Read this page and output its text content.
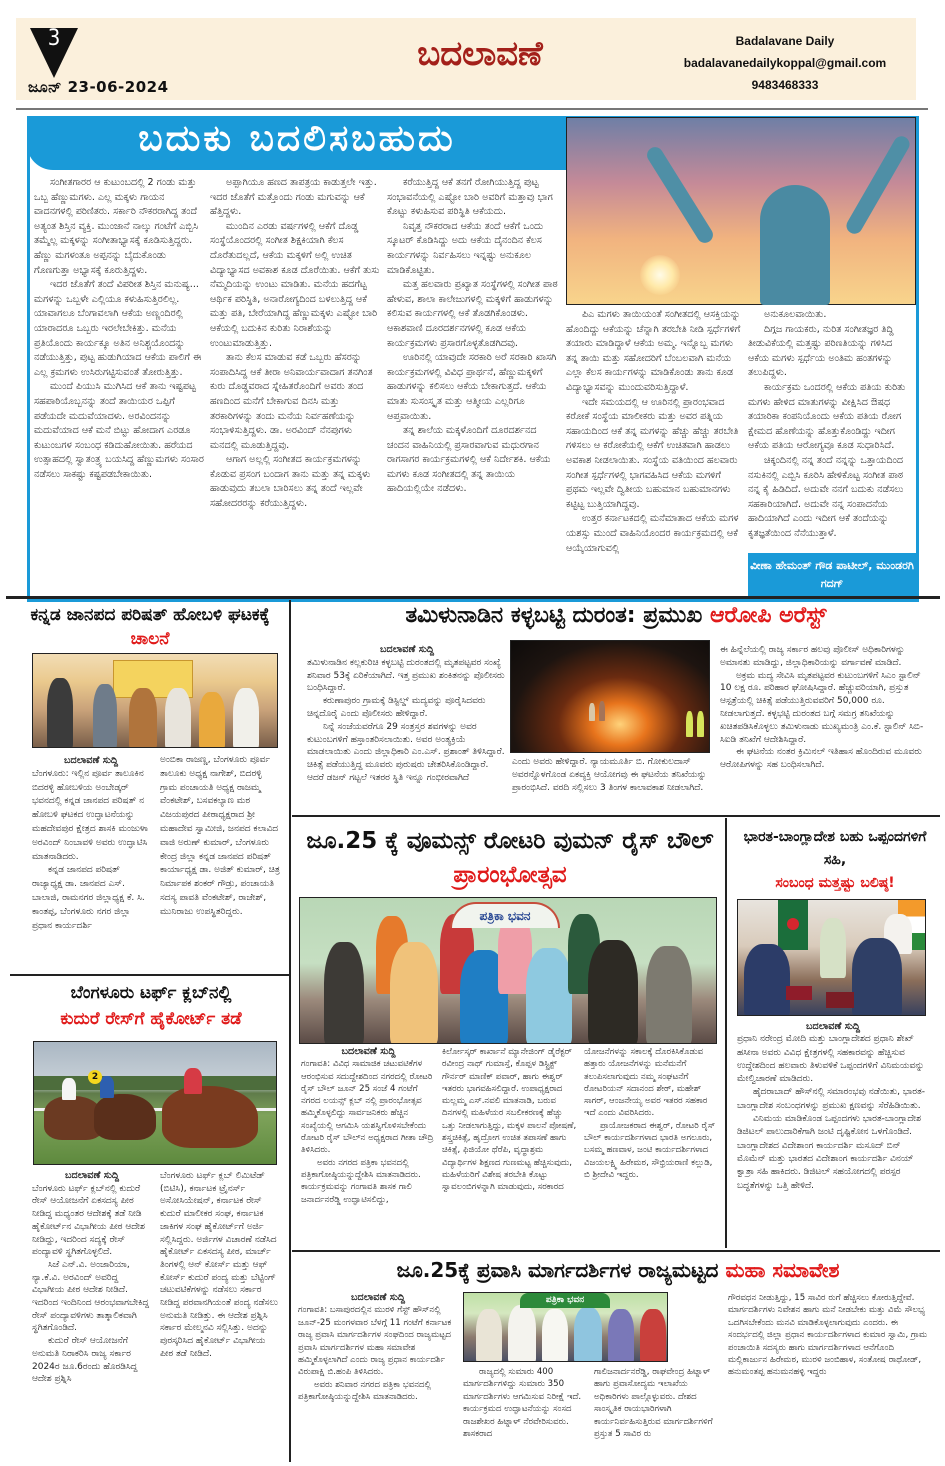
3
ಜೂನ್ 23-06-2024
ಬದಲಾವಣೆ	Badalavane Daily
badalavanedailykoppal@gmail.com
9483468333
ಬದುಕು ಬದಲಿಸಬಹುದು

ಸಂಗೀತಗಾರರ ಆ ಕುಟುಂಬದಲ್ಲಿ 2 ಗಂಡು ಮತ್ತು ಒಬ್ಬ ಹೆಣ್ಣುಮಗಳು. ಎಲ್ಲ ಮಕ್ಕಳು ಗಾಯನ ವಾದನಗಳಲ್ಲಿ ಪರಿಣಿತರು. ಸರ್ಕಾರಿ ನೌಕರರಾಗಿದ್ದ ತಂದೆ ಅತ್ಯಂತ ಶಿಸ್ತಿನ ವ್ಯಕ್ತಿ. ಮುಂಜಾನೆ ನಾಲ್ಕು ಗಂಟೆಗೆ ಎಬ್ಬಿಸಿ ತಮ್ಮೆಲ್ಲ ಮಕ್ಕಳನ್ನು ಸಂಗೀತಾಭ್ಯಾಸಕ್ಕೆ ಕೂಡಿಸುತ್ತಿದ್ದರು. ಹೆಣ್ಣು ಮಗಳಂತೂ ಅಪ್ಪನನ್ನು ಬೈದುಕೊಂಡು ಗೊಣಗುತ್ತಾ ಅಭ್ಯಾಸಕ್ಕೆ ಕೂರುತ್ತಿದ್ದಳು.

ಇದರ ಜೊತೆಗೆ ತಂದೆ ವಿಪರೀತ ಶಿಸ್ತಿನ ಮನುಷ್ಯ... ಮಗಳನ್ನು ಒಬ್ಬಳೇ ಎಲ್ಲಿಯೂ ಕಳುಹಿಸುತ್ತಿರಲಿಲ್ಲ. ಯಾವಾಗಲೂ ಬೆಂಗಾವಲಾಗಿ ಆಕೆಯ ಅಣ್ಣಂದಿರಲ್ಲಿ ಯಾರಾದರೂ ಒಬ್ಬರು ಇರಲೇಬೇಕಿತ್ತು. ಮನೆಯ ಪ್ರತಿಯೊಂದು ಕಾರ್ಯಕ್ಕೂ ಅತಿನ ಅನಿಶ್ಚಯೊಂದನ್ನು ನಡೆಯುತ್ತಿತ್ತು, ಪುಟ್ಟ ಹುಡುಗಿಯಾದ ಆಕೆಯ ಪಾಲಿಗೆ ಈ ಎಲ್ಲ ಕ್ರಮಗಳು ಉಸಿರುಗಟ್ಟಿಸುವಂತೆ ತೋರುತ್ತಿತ್ತು.

ಮುಂದೆ ಪಿಯುಸಿ ಮುಗಿಸಿದ ಆಕೆ ತಾನು ಇಷ್ಟಪಟ್ಟ ಸಹಪಾಠಿಯೊಬ್ಬನನ್ನು ತಂದೆ ತಾಯಿಯರ ಒಪ್ಪಿಗೆ ಪಡೆಯದೇ ಮದುವೆಯಾದಳು. ಅರವಿಂದನನ್ನು ಮದುವೆಯಾದ ಆಕೆ ಮನೆ ಬಿಟ್ಟು ಹೋದಾಗ ಎರಡೂ ಕುಟುಂಬಗಳ ಸಂಬಂಧ ಕಡಿದುಹೋಯಿತು. ಹರೆಯದ ಉತ್ಸಾಹದಲ್ಲಿ ಸ್ವಾತಂತ್ರ್ಯ ಬಯಸಿದ್ದ ಹೆಣ್ಣುಮಗಳು ಸಂಸಾರ ನಡೆಸಲು ಸಾಕಷ್ಟು ಕಷ್ಟಪಡಬೇಕಾಯಿತು.

ಅಪ್ಪಾಗಿಯೂ ಹಣದ ತಾಪತ್ರಯ ಕಾಡುತ್ತಲೇ ಇತ್ತು. ಇದರ ಜೊತೆಗೆ ಮತ್ತೊಂದು ಗಂಡು ಮಗುವನ್ನು ಆಕೆ ಹೆತ್ತಿದ್ದಳು.

ಮುಂದಿನ ಎರಡು ವರ್ಷಗಳಲ್ಲಿ ಆಕೆಗೆ ದೊಡ್ಡ ಸಂಸ್ಥೆಯೊಂದರಲ್ಲಿ ಸಂಗೀತ ಶಿಕ್ಷಕಿಯಾಗಿ ಕೆಲಸ ದೊರೆತುದಲ್ಲದೆ, ಆಕೆಯ ಮಕ್ಕಳಿಗೆ ಅಲ್ಲಿ ಉಚಿತ ವಿದ್ಯಾಭ್ಯಾಸದ ಅವಕಾಶ ಕೂಡ ದೊರೆಯಿತು. ಆಕೆಗೆ ತುಸು ನೆಮ್ಮದಿಯನ್ನು ಉಂಟು ಮಾಡಿತು. ಮನೆಯ ಹದಗೆಟ್ಟ ಆರ್ಥಿಕ ಪರಿಸ್ಥಿತಿ, ಅನಾರೋಗ್ಯದಿಂದ ಬಳಲುತ್ತಿದ್ದ ಆಕೆ ಮತ್ತು ಪತಿ, ಬೇರೆಯಾಗಿದ್ದ ಹೆಣ್ಣುಮಕ್ಕಳು ಎಷ್ಟೋ ಬಾರಿ ಆಕೆಯಲ್ಲಿ ಬದುಕಿನ ಕುರಿತು ನಿರಾಶೆಯನ್ನು ಉಂಟುಮಾಡುತ್ತಿತ್ತು.

ತಾನು ಕೆಲಸ ಮಾಡುವ ಕಡೆ ಒಬ್ಬರು ಹೆಸರನ್ನು ಸಂಪಾದಿಸಿದ್ದ ಆಕೆ ತೀರಾ ಅನಿವಾರ್ಯವಾದಾಗ ತನಗಿಂತ ಕುರು ದೊಡ್ಡವರಾದ ಸ್ನೇಹಿತರೊಂದಿಗೆ ಅವರು ತಂದ ಹಣದಿಂದ ಮನೆಗೆ ಬೇಕಾಗುವ ದಿನಸಿ ಮತ್ತು ತರಕಾರಿಗಳನ್ನು ತಂದು ಮನೆಯ ನಿರ್ವಹಣೆಯನ್ನು ಸಂಭಾಳಿಸುತ್ತಿದ್ದಳು. ಡಾ. ಅರವಿಂದ್ ನೆನಪುಗಳು ಮನದಲ್ಲಿ ಮೂಡುತ್ತಿದ್ದವು.

ಆಗಾಗ ಅಲ್ಲಲ್ಲಿ ಸಂಗೀತದ ಕಾರ್ಯಕ್ರಮಗಳನ್ನು ಕೊಡುವ ಪ್ರಸಂಗ ಬಂದಾಗ ತಾನು ಮತ್ತು ತನ್ನ ಮಕ್ಕಳು ಹಾಡುವುದು ತಬಲಾ ಬಾರಿಸಲು ತನ್ನ ತಂದೆ ಇಲ್ಲವೇ ಸಹೋದರರನ್ನು ಕರೆಯುತ್ತಿದ್ದಳು.

ಕರೆಯುತ್ತಿದ್ದ ಆಕೆ ತನಗೆ ರೋಗಿಯುತ್ತಿದ್ದ ಪುಟ್ಟ ಸಂಭಾವನೆಯಲ್ಲಿ ಎಷ್ಟೋ ಬಾರಿ ಅವರಿಗೆ ಮತ್ತಾವು ಭಾಗ ಕೊಟ್ಟು ಕಳುಹಿಸುವ ಪರಿಸ್ಥಿತಿ ಆಕೆಯದು.

ನಿವೃತ್ತ ನೌಕರರಾದ ಆಕೆಯ ತಂದೆ ಆಕೆಗೆ ಒಂದು ಸ್ಕೂಟರ್ ಕೊಡಿಸಿದ್ದು ಅದು ಆಕೆಯ ದೈನಂದಿನ ಕೆಲಸ ಕಾರ್ಯಗಳನ್ನು ನಿರ್ವಹಿಸಲು ಇನ್ನಷ್ಟು ಅನುಕೂಲ ಮಾಡಿಕೊಟ್ಟಿತು.

ಮತ್ತ ಹಲವಾರು ಪ್ರಖ್ಯಾತ ಸಂಸ್ಥೆಗಳಲ್ಲಿ ಸಂಗೀತ ಪಾಠ ಹೇಳುವ, ಶಾಲಾ ಕಾಲೇಜುಗಳಲ್ಲಿ ಮಕ್ಕಳಿಗೆ ಹಾಡುಗಳನ್ನು ಕಲಿಸುವ ಕಾರ್ಯಗಳಲ್ಲಿ ಆಕೆ ತೊಡಗಿಕೊಂಡಳು. ಆಕಾಶವಾಣಿ ದೂರದರ್ಶನಗಳಲ್ಲಿ ಕೂಡ ಆಕೆಯ ಕಾರ್ಯಕ್ರಮಗಳು ಪ್ರಸಾರಗೊಳ್ಳತೊಡಗಿದವು.

ಊರಿನಲ್ಲಿ ಯಾವುದೇ ಸರಕಾರಿ ಅರೆ ಸರಕಾರಿ ಖಾಸಗಿ ಕಾರ್ಯಕ್ರಮಗಳಲ್ಲಿ ವಿವಿಧ ಪ್ರಾರ್ಥನೆ, ಹೆಣ್ಣುಮಕ್ಕಳಿಗೆ ಹಾಡುಗಳನ್ನು ಕಲಿಸಲು ಆಕೆಯ ಬೇಕಾಗುತ್ತದೆ. ಆಕೆಯ ಮಾತು ಸುಸಂಸ್ಕೃತ ಮತ್ತು ಆತ್ಮೀಯ ಎಲ್ಲರಿಗೂ ಆಪ್ತವಾಯಿತು.

ತನ್ನ ಶಾಲೆಯ ಮಕ್ಕಳೊಂದಿಗೆ ದೂರದರ್ಶನದ ಚಂದನ ವಾಹಿನಿಯಲ್ಲಿ ಪ್ರಸಾರವಾಗುವ ಮಧುರಗಾನ ರಾಗಸಾಗರ ಕಾರ್ಯಕ್ರಮಗಳಲ್ಲಿ ಆಕೆ ನಿರ್ದೇಶಕಿ. ಆಕೆಯ ಮಗಳು ಕೂಡ ಸಂಗೀತದಲ್ಲಿ ತನ್ನ ತಾಯಿಯ ಹಾದಿಯಲ್ಲಿಯೇ ನಡೆದಳು.

ಪಿಎ ಮಗಳು ತಾಯಿಯಂತೆ ಸಂಗೀತದಲ್ಲಿ ಆಸಕ್ತಿಯನ್ನು ಹೊಂದಿದ್ದು ಆಕೆಯನ್ನು ಚೆನ್ನಾಗಿ ತರಬೇತಿ ನೀಡಿ ಸ್ಪರ್ಧೆಗಳಿಗೆ ತಯಾರು ಮಾಡಿದ್ದಾಳೆ ಆಕೆಯ ಅಮ್ಮ. ಇನ್ನೊಬ್ಬ ಮಗಳು ತನ್ನ ತಾಯಿ ಮತ್ತು ಸಹೋದರಿಗೆ ಬೆಂಬಲವಾಗಿ ಮನೆಯ ಎಲ್ಲಾ ಕೆಲಸ ಕಾರ್ಯಗಳನ್ನು ಮಾಡಿಕೊಂಡು ತಾನು ಕೂಡ ವಿದ್ಯಾಭ್ಯಾಸವನ್ನು ಮುಂದುವರಿಸುತ್ತಿದ್ದಾಳೆ.

ಇದೇ ಸಮಯದಲ್ಲಿ ಆ ಊರಿನಲ್ಲಿ ಪ್ರಾರಂಭವಾದ ಕರೋಕೆ ಸಂಸ್ಥೆಯ ಮಾಲೀಕರು ಮತ್ತು ಅವರ ಪತ್ನಿಯ ಸಹಾಯದಿಂದ ಆಕೆ ತನ್ನ ಮಗಳನ್ನು ಹೆಚ್ಚು ಹೆಚ್ಚು ತರಬೇತಿ ಗಳಿಸಲು ಆ ಕರೋಕೆಯಲ್ಲಿ ಆಕೆಗೆ ಉಚಿತವಾಗಿ ಹಾಡಲು ಅವಕಾಶ ನೀಡಲಾಯಿತು. ಸಂಸ್ಥೆಯ ವತಿಯಿಂದ ಹಲವಾರು ಸಂಗೀತ ಸ್ಪರ್ಧೆಗಳಲ್ಲಿ ಭಾಗವಹಿಸಿದ ಆಕೆಯ ಮಗಳಿಗೆ ಪ್ರಥಮ ಇಲ್ಲವೇ ದ್ವಿತೀಯ ಬಹುಮಾನ ಬಹುಮಾನಗಳು ಕಟ್ಟಿಟ್ಟ ಬುತ್ತಿಯಾಗಿದ್ದವು.

ಉತ್ತರ ಕರ್ನಾಟಕದಲ್ಲಿ ಮನೆಮಾತಾದ ಆಕೆಯ ಮಗಳ ಯಶಸ್ಸು ಮುಂದೆ ವಾಹಿನಿಯೊಂದರ ಕಾರ್ಯಕ್ರಮದಲ್ಲಿ ಆಕೆ ಆಯ್ಕೆಯಾಗುವಲ್ಲಿ

ಅನುಕೂಲವಾಯಿತು.

ದಿಗ್ಗಜ ಗಾಯಕರು, ನುರಿತ ಸಂಗೀತಜ್ಞರ ತಿದ್ದಿ ತೀಡುವಿಕೆಯಲ್ಲಿ ಮತ್ತಷ್ಟು ಪರಿಣತಿಯನ್ನು ಗಳಿಸಿದ ಆಕೆಯ ಮಗಳು ಸ್ಪರ್ಧೆಯ ಅಂತಿಮ ಹಂತಗಳನ್ನು ತಲುಪಿದ್ದಳು.

ಕಾರ್ಯಕ್ರಮ ಒಂದರಲ್ಲಿ ಆಕೆಯ ಪತಿಯ ಕುರಿತು ಮಗಳು ಹೇಳಿದ ಮಾತುಗಳನ್ನು ವೀಕ್ಷಿಸಿದ ಔಷಧ ತಯಾರಿಕಾ ಕಂಪನಿಯೊಂದು ಆಕೆಯ ಪತಿಯ ರೋಗ ಕ್ಷೇಮದ ಹೊಣೆಯನ್ನು ಹೊತ್ತುಕೊಂಡಿದ್ದು ಇದೀಗ ಆಕೆಯ ಪತಿಯ ಆರೋಗ್ಯವೂ ಕೂಡ ಸುಧಾರಿಸಿದೆ.

ಚಿಕ್ಕಂದಿನಲ್ಲಿ ನನ್ನ ತಂದೆ ನನ್ನನ್ನು ಒತ್ತಾಯದಿಂದ ನಸುಕಿನಲ್ಲಿ ಎಬ್ಬಿಸಿ ಕೂರಿಸಿ ಹೇಳಿಕೊಟ್ಟ ಸಂಗೀತ ಪಾಠ ನನ್ನ ಕೈ ಹಿಡಿದಿದೆ. ಅದುವೇ ನನಗೆ ಬದುಕು ನಡೆಸಲು ಸಹಕಾರಿಯಾಗಿದೆ. ಅದುವೇ ನನ್ನ ಸಂಪಾದನೆಯ ಹಾದಿಯಾಗಿದೆ ಎಂದು ಇದೀಗ ಆಕೆ ತಂದೆಯನ್ನು ಕೃತಜ್ಞತೆಯಿಂದ ನೆನೆಯುತ್ತಾಳೆ.

ವೀಣಾ ಹೇಮಂತ್ ಗೌಡ ಪಾಟೀಲ್, ಮುಂಡರಗಿ ಗದಗ್
ಕನ್ನಡ ಜಾನಪದ ಪರಿಷತ್ ಹೋಬಳಿ ಘಟಕಕ್ಕೆ ಚಾಲನೆ
ಬದಲಾವಣೆ ಸುದ್ದಿ

ಬೆಂಗಳೂರು: ಇಲ್ಲಿನ ಪೂರ್ವ ತಾಲೂಕಿನ ಬಿದರಳ್ಳಿ ಹೋಬಳಿಯ ಅಂಬೇಡ್ಕರ್ ಭವನದಲ್ಲಿ ಕನ್ನಡ ಜಾನಪದ ಪರಿಷತ್ ನ ಹೋಬಳಿ ಘಟಕದ ಉದ್ಘಾಟನೆಯನ್ನು ಮಹದೇವಪುರ ಕ್ಷೇತ್ರದ ಶಾಸಕಿ ಮಂಜುಳಾ ಅರವಿಂದ್ ನಿಂಬಾವಳಿ ಅವರು ಉದ್ಘಾಟಿಸಿ ಮಾತನಾಡಿದರು.

ಕನ್ನಡ ಜಾನಪದ ಪರಿಷತ್ ರಾಜ್ಯಾಧ್ಯಕ್ಷ ಡಾ. ಜಾನಪದ ಎಸ್. ಬಾಲಾಜಿ, ರಾಮನಗರ ಜಿಲ್ಲಾಧ್ಯಕ್ಷ ಕೆ. ಸಿ. ಕಾಂತಪ್ಪ, ಬೆಂಗಳೂರು ನಗರ ಜಿಲ್ಲಾ ಪ್ರಧಾನ ಕಾರ್ಯದರ್ಶಿ

ಅಂಬಿಕಾ ರಾಜಣ್ಣ, ಬೆಂಗಳೂರು ಪೂರ್ವ ತಾಲೂಕು ಅಧ್ಯಕ್ಷ ನಾಗೇಶ್, ಬಿದರಳ್ಳಿ ಗ್ರಾಮ ಪಂಚಾಯತಿ ಅಧ್ಯಕ್ಷ ರಾಜಮ್ಮ ವೆಂಕಟೇಶ್, ಬಸವಕಲ್ಯಾಣ ಮಠ ವಿಜಯಪುರದ ಪೀಠಾಧ್ಯಕ್ಷರಾದ ಶ್ರೀ ಮಹಾದೇವ ಸ್ವಾಮೀಜಿ, ಜನಪದ ಕಲಾವಿದ ವಾಜಿ ಅರುಣ್ ಕುಮಾರ್, ಬೆಂಗಳೂರು ಕೇಂದ್ರ ಜಿಲ್ಲಾ ಕನ್ನಡ ಜಾನಪದ ಪರಿಷತ್ ಕಾರ್ಯಾಧ್ಯಕ್ಷ ಡಾ. ಅಜಿತ್ ಕುಮಾರ್, ಚಿತ್ರ ನಿರ್ಮಾಪಕ ಶಂಕರ್ ಗೌಡ್ರು, ಪಂಚಾಯತಿ ಸದಸ್ಯ ಪಾವತಿ ವೆಂಕಟೇಶ್, ರಾಜೇಶ್, ಮುನಿರಾಜು ಉಪಸ್ಥಿತರಿದ್ದರು.

ಬೆಂಗಳೂರು ಟರ್ಫ್ ಕ್ಲಬ್‌ನಲ್ಲಿ
ಕುದುರೆ ರೇಸ್‌ಗೆ ಹೈಕೋರ್ಟ್ ತಡೆ
2
ಬದಲಾವಣೆ ಸುದ್ದಿ

ಬೆಂಗಳೂರು ಟರ್ಫ್ ಕ್ಲಬ್‌ನಲ್ಲಿ ಕುದುರೆ ರೇಸ್ ಆಯೋಜನೆಗೆ ಏಕಸದಸ್ಯ ಪೀಠ ನೀಡಿದ್ದ ಮಧ್ಯಂತರ ಆದೇಶಕ್ಕೆ ತಡೆ ನೀಡಿ ಹೈಕೋರ್ಟ್‌ನ ವಿಭಾಗೀಯ ಪೀಠ ಆದೇಶ ನೀಡಿದ್ದು, ಇದರಿಂದ ಸದ್ಯಕ್ಕೆ ರೇಸ್ ಪಂದ್ಯಾವಳಿ ಸ್ಥಗಿತಗೊಳ್ಳಲಿದೆ.

ಸಿಜೆ ಎನ್.ವಿ. ಅಂಜಾರಿಯಾ, ನ್ಯಾ.ಕೆ.ವಿ. ಅರವಿಂದ್ ಅವರಿದ್ದ ವಿಭಾಗೀಯ ಪೀಠ ಆದೇಶ ನೀಡಿದೆ. ಇದರಿಂದ ಇಂದಿನಿಂದ ಆರಂಭವಾಗಬೇಕಿದ್ದ ರೇಸ್ ಪಂದ್ಯಾವಳಿಗಳು ತಾತ್ಕಾಲಿಕವಾಗಿ ಸ್ಥಗಿತಗೊಂಡಿದೆ.

ಕುದುರೆ ರೇಸ್ ಆಯೋಜನೆಗೆ ಅನುಮತಿ ನಿರಾಕರಿಸಿ ರಾಜ್ಯ ಸರ್ಕಾರ 2024ರ ಜೂ.6ರಂದು ಹೊರಡಿಸಿದ್ದ ಆದೇಶ ಪ್ರಶ್ನಿಸಿ

ಬೆಂಗಳೂರು ಟರ್ಫ್ ಕ್ಲಬ್ ಲಿಮಿಟೆಡ್ (ಬಿಟಿಸಿ), ಕರ್ನಾಟಕ ಟ್ರೈನರ್ಸ್ ಅಸೋಸಿಯೇಷನ್, ಕರ್ನಾಟಕ ರೇಸ್ ಕುದುರೆ ಮಾಲೀಕರ ಸಂಘ, ಕರ್ನಾಟಕ ಜಾಕಿಗಳ ಸಂಘ ಹೈಕೋರ್ಟ್‌ಗೆ ಅರ್ಜಿ ಸಲ್ಲಿಸಿದ್ದರು. ಅರ್ಜಿಗಳ ವಿಚಾರಣೆ ನಡೆಸಿದ ಹೈಕೋರ್ಟ್ ಏಕಸದಸ್ಯ ಪೀಠ, ಮಾರ್ಚ್ ತಿಂಗಳಲ್ಲಿ ಆನ್ ಕೋರ್ಸ್ ಮತ್ತು ಆಫ್ ಕೋರ್ಸ್ ಕುದುರೆ ಪಂದ್ಯ ಮತ್ತು ಬೆಟ್ಟಿಂಗ್ ಚಟುವಟಿಕೆಗಳನ್ನು ನಡೆಸಲು ಸರ್ಕಾರ ನೀಡಿದ್ದ ಪರವಾನಗಿಯಂತೆ ಪಂದ್ಯ ನಡೆಸಲು ಅನುಮತಿ ನೀಡಿತ್ತು. ಈ ಆದೇಶ ಪ್ರಶ್ನಿಸಿ ಸರ್ಕಾರ ಮೇಲ್ಮನವಿ ಸಲ್ಲಿಸಿತ್ತು. ಅದನ್ನು ಪುರಸ್ಕರಿಸಿದ ಹೈಕೋರ್ಟ್ ವಿಭಾಗೀಯ ಪೀಠ ತಡೆ ನೀಡಿದೆ.

ತಮಿಳುನಾಡಿನ ಕಳ್ಳಬಟ್ಟಿ ದುರಂತ: ಪ್ರಮುಖ ಆರೋಪಿ ಅರೆಸ್ಟ್
ಬದಲಾವಣೆ ಸುದ್ದಿ

ತಮಿಳುನಾಡಿನ ಕಲ್ಲಕುರಿಚಿ ಕಳ್ಳಬಟ್ಟಿ ದುರಂತದಲ್ಲಿ ಮೃತಪಟ್ಟವರ ಸಂಖ್ಯೆ ಶನಿವಾರ 53ಕ್ಕೆ ಏರಿಕೆಯಾಗಿದೆ. ಇತ್ತ ಪ್ರಮುಖ ಶಂಕಿತನನ್ನು ಪೊಲೀಸರು ಬಂಧಿಸಿದ್ದಾರೆ.

ಕರುಣಾಪುರಂ ಗ್ರಾಮಕ್ಕೆ ಡಿಸ್ಟಿಲ್ಡ್ ಮದ್ಯವನ್ನು ಪೂರೈಸಿದವರು ಚಿನ್ನದೊರೈ ಎಂದು ಪೊಲೀಸರು ಹೇಳಿದ್ದಾರೆ.

ನಿನ್ನೆ ಸಂಜೆಯವರೆಗೂ 29 ಸಂತ್ರಸ್ತರ ಶವಗಳನ್ನು ಅವರ ಕುಟುಂಬಗಳಿಗೆ ಹಸ್ತಾಂತರಿಸಲಾಯಿತು. ಅವರ ಅಂತ್ಯಕ್ರಿಯೆ ಮಾಡಲಾಯಿತು ಎಂದು ಜಿಲ್ಲಾಧಿಕಾರಿ ಎಂ.ಎಸ್. ಪ್ರಶಾಂತ್ ತಿಳಿಸಿದ್ದಾರೆ. ಚಿಕಿತ್ಸೆ ಪಡೆಯುತ್ತಿದ್ದ ಮೂವರು ಪುರುಷರು ಚೇತರಿಸಿಕೊಂಡಿದ್ದಾರೆ. ಆದರೆ ಡಜನ್ ಗಟ್ಟಲೆ ಇತರರ ಸ್ಥಿತಿ ಇನ್ನೂ ಗಂಭೀರವಾಗಿದೆ

ಎಂದು ಅವರು ಹೇಳಿದ್ದಾರೆ. ನ್ಯಾಯಮೂರ್ತಿ ಬಿ. ಗೋಕುಲದಾಸ್ ಅವರನ್ನೊಳಗೊಂಡ ಏಕವ್ಯಕ್ತಿ ಆಯೋಗವು ಈ ಘಟನೆಯ ತನಿಖೆಯನ್ನು ಪ್ರಾರಂಭಿಸಿದೆ. ವರದಿ ಸಲ್ಲಿಸಲು 3 ತಿಂಗಳ ಕಾಲಾವಕಾಶ ನೀಡಲಾಗಿದೆ.

ಈ ಹಿನ್ನೆಲೆಯಲ್ಲಿ ರಾಜ್ಯ ಸರ್ಕಾರ ಹಲವು ಪೊಲೀಸ್ ಅಧಿಕಾರಿಗಳನ್ನು ಅಮಾನತು ಮಾಡಿದ್ದು, ಜಿಲ್ಲಾಧಿಕಾರಿಯನ್ನು ವರ್ಗಾವಣೆ ಮಾಡಿದೆ.

ಅಕ್ರಮ ಮದ್ಯ ಸೇವಿಸಿ ಮೃತಪಟ್ಟವರ ಕುಟುಂಬಗಳಿಗೆ ಸಿಎಂ ಸ್ಟಾಲಿನ್ 10 ಲಕ್ಷ ರೂ. ಪರಿಹಾರ ಘೋಷಿಸಿದ್ದಾರೆ. ಹೆಚ್ಚುವರಿಯಾಗಿ, ಪ್ರಸ್ತುತ ಆಸ್ಪತ್ರೆಯಲ್ಲಿ ಚಿಕಿತ್ಸೆ ಪಡೆಯುತ್ತಿರುವವರಿಗೆ 50,000 ರೂ. ನೀಡಲಾಗುತ್ತದೆ. ಕಳ್ಳಭಟ್ಟಿ ದುರಂತದ ಬಗ್ಗೆ ಸಮಗ್ರ ತನಿಖೆಯನ್ನು ಖಚಿತಪಡಿಸಿಕೊಳ್ಳಲು ತಮಿಳುನಾಡು ಮುಖ್ಯಮಂತ್ರಿ ಎಂ.ಕೆ. ಸ್ಟಾಲಿನ್ ಸಿಬಿ-ಸಿಐಡಿ ತನಿಖೆಗೆ ಆದೇಶಿಸಿದ್ದಾರೆ.

ಈ ಘಟನೆಯ ನಂತರ ಕ್ರಿಮಿನಲ್ ಇತಿಹಾಸ ಹೊಂದಿರುವ ಮೂವರು ಆರೋಪಿಗಳನ್ನು ಸಹ ಬಂಧಿಸಲಾಗಿದೆ.

ಜೂ.25 ಕ್ಕೆ ವೂಮನ್ಸ್ ರೋಟರಿ ವುಮನ್ ರೈಸ್ ಬೌಲ್ ಪ್ರಾರಂಭೋತ್ಸವ
ಪತ್ರಿಕಾ ಭವನ
ಬದಲಾವಣೆ ಸುದ್ದಿ

ಗಂಗಾವತಿ: ವಿವಿಧ ಸಾಮಾಜಿಕ ಚಟುವಟಿಕೆಗಳ ಆರಂಭಿಸುವ ಸದುದ್ದೇಶದಿಂದ ನಗರದಲ್ಲಿ ರೋಟರಿ ರೈಸ್ ಬೌಲ್ ಜೂನ್ 25 ಸಂಜೆ 4 ಗಂಟೆಗೆ ನಗರದ ಲಯನ್ಸ್ ಕ್ಲಬ್ ನಲ್ಲಿ ಪ್ರಾರಂಭೋತ್ಸವ ಹಮ್ಮಿಕೊಳ್ಳಲಿದ್ದು ಸಾರ್ವಜನಿಕರು ಹೆಚ್ಚಿನ ಸಂಖ್ಯೆಯಲ್ಲಿ ಆಗಮಿಸಿ ಯಶಸ್ವಿಗೊಳಿಸಬೇಕೆಂದು ರೋಟರಿ ರೈಸ್ ಬೌಲ್‌ನ ಅಧ್ಯಕ್ಷರಾದ ಗೀತಾ ಚೌದ್ರಿ ತಿಳಿಸಿದರು.

ಅವರು ನಗರದ ಪತ್ರಿಕಾ ಭವನದಲ್ಲಿ ಪತ್ರಿಕಾಗೋಷ್ಠಿಯನ್ನುದ್ದೇಶಿಸಿ ಮಾತನಾಡಿದರು. ಕಾರ್ಯಕ್ರಮವನ್ನು ಗಂಗಾವತಿ ಶಾಸಕ ಗಾಲಿ ಜನಾರ್ದನರೆಡ್ಡಿ ಉದ್ಘಾಟಿಸಲಿದ್ದು,

ಕಿರ್ಲೋಸ್ಕರ್ ಕಾರ್ಖಾನೆ ಮ್ಯಾನೇಜಿಂಗ್ ಡೈರೆಕ್ಟರ್ ರವೀಂದ್ರ ನಾಥ್ ಗುಮಾಸ್ತೆ, ಕೊಪ್ಪಳ ಡಿಸ್ಟ್ರಿಕ್ಟ್ ಗೌರ್ನರ್ ಮಾಣಿಕ್ ಪವಾರ್, ಹಾಗು ಈಶ್ವರ್ ಇತರರು ಭಾಗವಹಿಸಲಿದ್ದಾರೆ. ಉಪಾಧ್ಯಕ್ಷರಾದ ಮಲ್ಲಮ್ಮ ಎಸ್.ನವಲಿ ಮಾತನಾಡಿ, ಬರುವ ದಿನಗಳಲ್ಲಿ ಮಹಿಳೆಯರ ಸಬಲೀಕರಣಕ್ಕೆ ಹೆಚ್ಚು ಒತ್ತು ನೀಡಲಾಗುತ್ತಿದ್ದು, ಮಕ್ಕಳ ಪಾಲನೆ ಪೋಷಣೆ, ಶಸ್ತ್ರಚಿಕಿತ್ಸೆ, ಹೃದ್ರೋಗ ಉಚಿತ ತಪಾಸಣೆ ಹಾಗು ಚಿಕಿತ್ಸೆ, ಫಿಜಿಯೋ ಥೆರೆಪಿ, ವೃದ್ಧಾಶ್ರಮ ವಿದ್ಯಾರ್ಥಿಗಳ ಶಿಕ್ಷಣದ ಗುಣಮಟ್ಟ ಹೆಚ್ಚಿಸುವುದು, ಮಹಿಳೆಯರಿಗೆ ವಿಶೇಷ ತರಬೇತಿ ಕೊಟ್ಟು ಸ್ವಾವಲಂಬಿಗಳನ್ನಾಗಿ ಮಾಡುವುದು, ಸರಕಾರದ

ಯೋಜನೆಗಳನ್ನು ಸಕಾಲಕ್ಕೆ ದೊರಕಿಸಿಕೊಡುವ ಹತ್ತಾರು ಯೋಜನೆಗಳನ್ನು ಮನೆಮನೆಗೆ ತಲುಪಿಸಲಾಗುವುದು ನಮ್ಮ ಸಂಘಟನೆಗೆ ರೋಟರಿಯನ್ ಸದಾನಂದ ಶೇಠ್, ಮಹೇಶ್ ಸಾಗರ್, ಆಂಜನೇಯ್ಯ ಅವರ ಇತರರ ಸಹಕಾರ ಇದೆ ಎಂದು ವಿವರಿಸಿದರು.

ಪ್ರಾಯೋಜಕರಾದ ಈಶ್ವರ್, ರೋಟರಿ ರೈಸ್ ಬೌಲ್ ಕಾರ್ಯದರ್ಶಿಗಳಾದ ಭಾರತಿ ಅಗಲೂರು, ಬಸಮ್ಮ ಹಣವಾಳ, ಜಂಟಿ ಕಾರ್ಯದರ್ಶಿಗಳಾದ ವಿಜಯಲಕ್ಷ್ಮಿ ಹಿರೇಮಠ, ಸೌಭ್ರಿಯರಾಣಿ ಕಲ್ಲುಡಿ, ಬಿ ಶ್ರೀದೇವಿ ಇದ್ದರು.

ಭಾರತ-ಬಾಂಗ್ಲಾದೇಶ ಬಹು ಒಪ್ಪಂದಗಳಿಗೆ ಸಹಿ,
ಸಂಬಂಧ ಮತ್ತಷ್ಟು ಬಲಿಷ್ಠ!
ಬದಲಾವಣೆ ಸುದ್ದಿ

ಪ್ರಧಾನಿ ನರೇಂದ್ರ ಮೋದಿ ಮತ್ತು ಬಾಂಗ್ಲಾದೇಶದ ಪ್ರಧಾನಿ ಶೇಖ್ ಹಸೀನಾ ಅವರು ವಿವಿಧ ಕ್ಷೇತ್ರಗಳಲ್ಲಿ ಸಹಕಾರವನ್ನು ಹೆಚ್ಚಿಸುವ ಉದ್ದೇಶದಿಂದ ಹಲವಾರು ತಿಳುವಳಿಕೆ ಒಪ್ಪಂದಗಳಿಗೆ ವಿನಿಮಯವನ್ನು ಮೇಲ್ವಿಚಾರಣೆ ಮಾಡಿದರು.

ಹೈದರಾಬಾದ್ ಹೌಸ್‌ನಲ್ಲಿ ಸಮಾರಂಭವು ನಡೆಯಿತು, ಭಾರತ-ಬಾಂಗ್ಲಾದೇಶ ಸಂಬಂಧಗಳನ್ನು ಪ್ರಮುಖ ಕ್ಷಣವನ್ನು ಸೆರೆಹಿಡಿಯಿತು.

ವಿನಿಮಯ ಮಾಡಿಕೊಂಡ ಒಪ್ಪಂದಗಳು ಭಾರತ-ಬಾಂಗ್ಲಾದೇಶ ಡಿಜಿಟಲ್ ಪಾಲುದಾರಿಕೆಗಾಗಿ ಜಂಟಿ ದೃಷ್ಟಿಕೋನ ಒಳಗೊಂಡಿದೆ. ಬಾಂಗ್ಲಾದೇಶದ ವಿದೇಶಾಂಗ ಕಾರ್ಯದರ್ಶಿ ಮಸೂದ್ ಬಿನ್ ಮೊಮೆನ್ ಮತ್ತು ಭಾರತದ ವಿದೇಶಾಂಗ ಕಾರ್ಯದರ್ಶಿ ವಿನಯ್ ಕ್ವಾತ್ರಾ ಸಹಿ ಹಾಕಿದರು. ಡಿಜಿಟಲ್ ಸಹಯೋಗದಲ್ಲಿ ಪರಸ್ಪರ ಬದ್ಧತೆಗಳನ್ನು ಒತ್ತಿ ಹೇಳಿದೆ.

ಜೂ.25ಕ್ಕೆ ಪ್ರವಾಸಿ ಮಾರ್ಗದರ್ಶಿಗಳ ರಾಜ್ಯಮಟ್ಟದ ಮಹಾ ಸಮಾವೇಶ
ಬದಲಾವಣೆ ಸುದ್ದಿ

ಗಂಗಾವತಿ: ಬಸಾಪುರದಲ್ಲಿನ ಮುರಳಿ ಗೆಸ್ಟ್ ಹೌಸ್‌ನಲ್ಲಿ ಜೂನ್-25 ಮಂಗಳವಾರ ಬೆಳಗ್ಗೆ 11 ಗಂಟೆಗೆ ಕರ್ನಾಟಕ ರಾಜ್ಯ ಪ್ರವಾಸಿ ಮಾರ್ಗದರ್ಶಿಗಳ ಸಂಘದಿಂದ ರಾಜ್ಯಮಟ್ಟದ ಪ್ರವಾಸಿ ಮಾರ್ಗದರ್ಶಿಗಳ ಮಹಾ ಸಮಾವೇಶ ಹಮ್ಮಿಕೊಳ್ಳಲಾಗಿದೆ ಎಂದು ರಾಜ್ಯ ಪ್ರಧಾನ ಕಾರ್ಯದರ್ಶಿ ವಿರುಪಾಕ್ಷಿ ಬಿ.ಹಂಪಿ ತಿಳಿಸಿದರು.

ಅವರು ಶನಿವಾರ ನಗರದ ಪತ್ರಿಕಾ ಭವನದಲ್ಲಿ ಪತ್ರಿಕಾಗೋಷ್ಠಿಯನ್ನುದ್ದೇಶಿಸಿ ಮಾತನಾಡಿದರು.

ಪತ್ರಿಕಾ ಭವನ

ರಾಜ್ಯದಲ್ಲಿ ಸುಮಾರು 400 ಮಾರ್ಗದರ್ಶಿಗಳಿದ್ದು ಸುಮಾರು 350 ಮಾರ್ಗದರ್ಶಿಗಳು ಆಗಮಿಸುವ ನಿರೀಕ್ಷೆ ಇದೆ. ಕಾರ್ಯಕ್ರಮದ ಉದ್ಘಾಟನೆಯನ್ನು ಸಂಸದ ರಾಜಶೇಖರ ಹಿಟ್ನಾಳ್ ನೆರವೇರಿಸುವರು. ಶಾಸಕರಾದ

ಗಾಲಿಜನಾರ್ದನರೆಡ್ಡಿ, ರಾಘವೇಂದ್ರ ಹಿಟ್ನಾಳ್ ಹಾಗು ಪ್ರವಾಸೋದ್ಯಮ ಇಲಾಖೆಯ ಅಧಿಕಾರಿಗಳು ಪಾಲ್ಗೊಳ್ಳುವರು. ದೇಶದ ಸಾಂಸ್ಕೃತಿಕ ರಾಯಭಾರಿಗಳಾಗಿ ಕಾರ್ಯನಿರ್ವಹಿಸುತ್ತಿರುವ ಮಾರ್ಗದರ್ಶಿಗಳಿಗೆ ಪ್ರಸ್ತುತ 5 ಸಾವಿರ ರು

ಗೌರವಧನ ನೀಡುತ್ತಿದ್ದು, 15 ಸಾವಿರ ರುಗೆ ಹೆಚ್ಚಿಸಲು ಕೋರುತ್ತಿದ್ದೇವೆ. ಮಾರ್ಗದರ್ಶಿಗಳು ನಿವೇಶನ ಹಾಗು ಮನೆ ನೀಡಬೇಕು ಮತ್ತು ವಿಮೆ ಸೌಲಭ್ಯ ಒದಗಿಸಬೇಕೆಂದು ಮನವಿ ಮಾಡಿಕೊಳ್ಳಲಾಗುವುದು ಎಂದರು. ಈ ಸಂದರ್ಭದಲ್ಲಿ ಜಿಲ್ಲಾ ಪ್ರಧಾನ ಕಾರ್ಯದರ್ಶಿಗಳಾದ ಕುಮಾರ ಸ್ವಾಮಿ, ಗ್ರಾಮ ಪಂಚಾಯಿತಿ ಸದಸ್ಯರು ಹಾಗು ಮಾರ್ಗದರ್ಶಿಗಳಾದ ಆನೆಗೊಂದಿ ಮಲ್ಲಿಕಾರ್ಜುನ ಹಿರೇಮಠ, ಮುರಳಿ ಜಂಬಿಹಾಳ, ಸಂತೋಷ ರಾಥೋಡ್, ಹನುಮಂತಪ್ಪ ಹನುಮನಹಳ್ಳಿ ಇದ್ದರು
